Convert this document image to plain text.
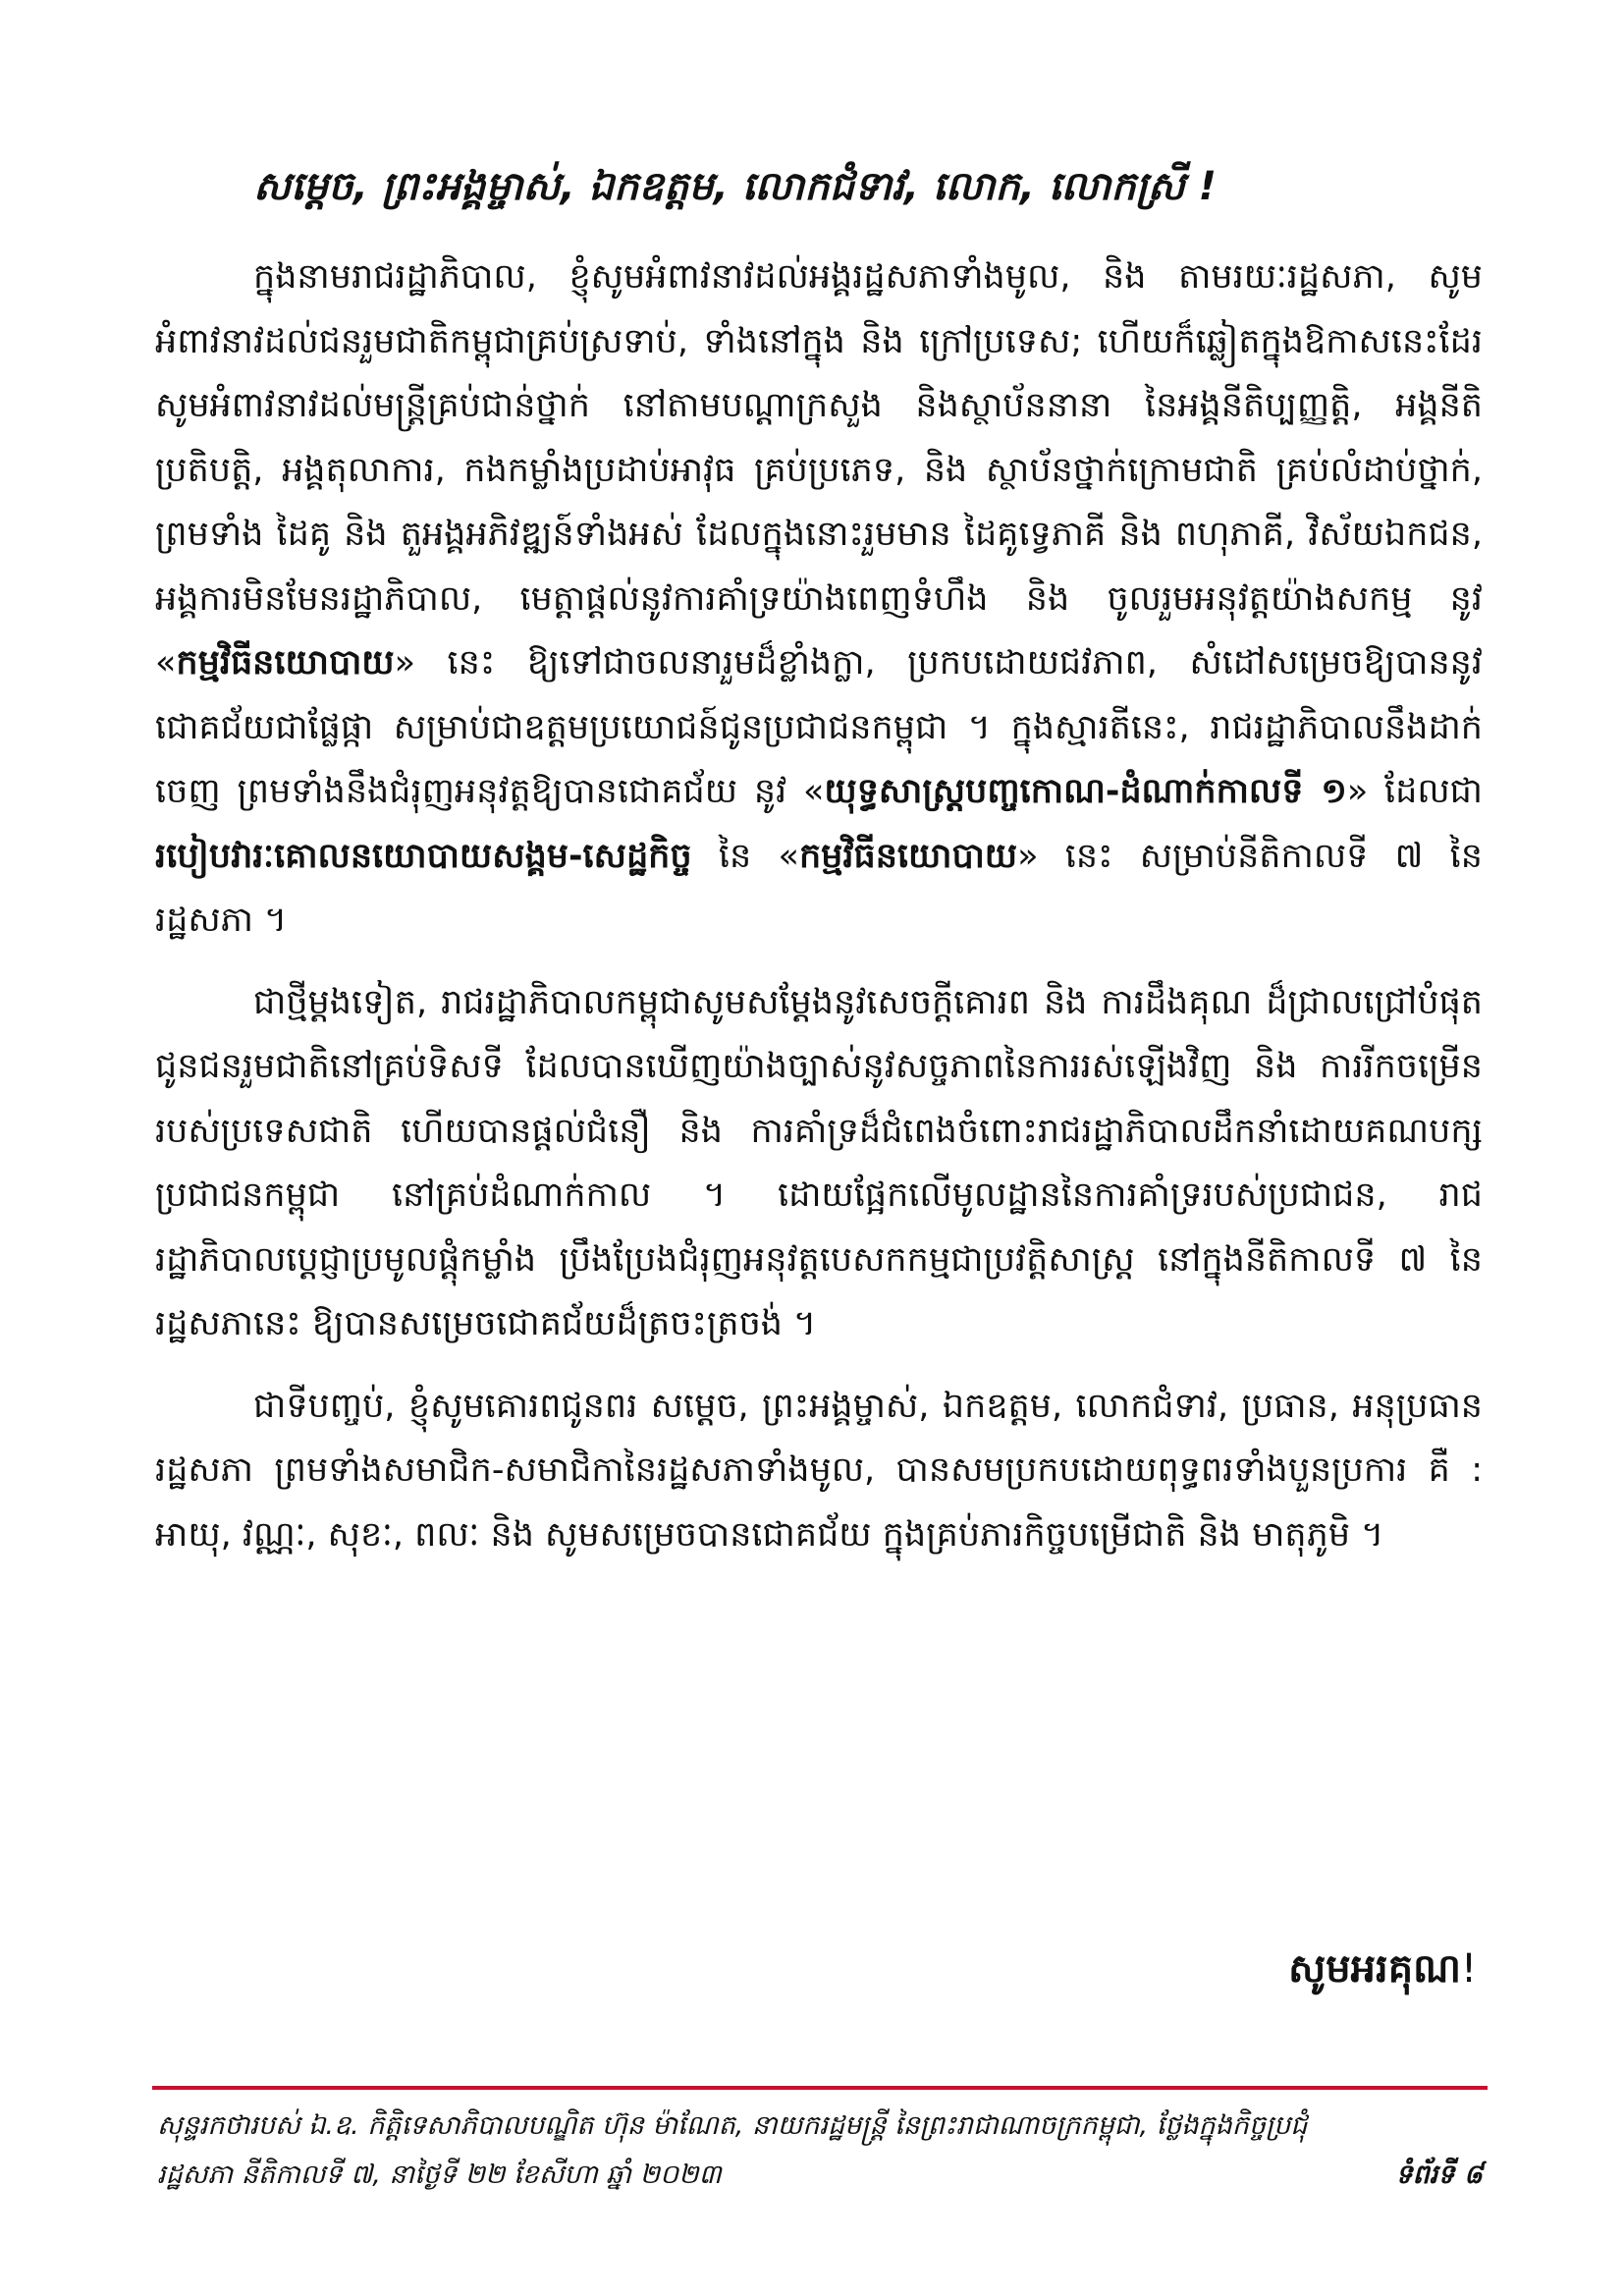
សម្តេច, ព្រះអង្គម្ចាស់, ឯកឧត្តម, លោកជំទាវ, លោក, លោកស្រី !

ក្នុងនាមរាជរដ្ឋាភិបាល, ខ្ញុំសូមអំពាវនាវដល់អង្គរដ្ឋសភាទាំងមូល, និង តាមរយៈរដ្ឋសភា, សូមអំពាវនាវដល់ជនរួមជាតិកម្ពុជាគ្រប់ស្រទាប់, ទាំងនៅក្នុង និង ក្រៅប្រទេស; ហើយក៏ឆ្លៀតក្នុងឱកាសនេះដែរ សូមអំពាវនាវដល់មន្ត្រីគ្រប់ជាន់ថ្នាក់ នៅតាមបណ្តាក្រសួង និងស្ថាប័ននានា នៃអង្គនីតិប្បញ្ញត្តិ, អង្គនីតិប្រតិបត្តិ, អង្គតុលាការ, កងកម្លាំងប្រដាប់អាវុធ គ្រប់ប្រភេទ, និង ស្ថាប័នថ្នាក់ក្រោមជាតិ គ្រប់លំដាប់ថ្នាក់, ព្រមទាំង ដៃគូ និង តួអង្គអភិវឌ្ឍន៍ទាំងអស់ ដែលក្នុងនោះរួមមាន ដៃគូទ្វេភាគី និង ពហុភាគី, វិស័យឯកជន, អង្គការមិនមែនរដ្ឋាភិបាល, មេត្តាផ្តល់នូវការគាំទ្រយ៉ាងពេញទំហឹង និង ចូលរួមអនុវត្តយ៉ាងសកម្ម នូវ «កម្មវិធីនយោបាយ» នេះ ឱ្យទៅជាចលនារួមដ៏ខ្លាំងក្លា, ប្រកបដោយជវភាព, សំដៅសម្រេចឱ្យបាននូវជោគជ័យជាផ្លែផ្កា សម្រាប់ជាឧត្តមប្រយោជន៍ជូនប្រជាជនកម្ពុជា ។ ក្នុងស្មារតីនេះ, រាជរដ្ឋាភិបាលនឹងដាក់ចេញ ព្រមទាំងនឹងជំរុញអនុវត្តឱ្យបានជោគជ័យ នូវ «យុទ្ធសាស្ត្របញ្ចកោណ-ដំណាក់កាលទី ១» ដែលជា របៀបវារៈគោលនយោបាយសង្គម-សេដ្ឋកិច្ច នៃ «កម្មវិធីនយោបាយ» នេះ សម្រាប់នីតិកាលទី ៧ នៃរដ្ឋសភា ។

ជាថ្មីម្តងទៀត, រាជរដ្ឋាភិបាលកម្ពុជាសូមសម្តែងនូវសេចក្តីគោរព និង ការដឹងគុណ ដ៏ជ្រាលជ្រៅបំផុត ជូនជនរួមជាតិនៅគ្រប់ទិសទី ដែលបានឃើញយ៉ាងច្បាស់នូវសច្ចភាពនៃការរស់ឡើងវិញ និង ការរីកចម្រើនរបស់ប្រទេសជាតិ ហើយបានផ្តល់ជំនឿ និង ការគាំទ្រដ៏ជំពេងចំពោះរាជរដ្ឋាភិបាលដឹកនាំដោយគណបក្សប្រជាជនកម្ពុជា នៅគ្រប់ដំណាក់កាល ។ ដោយផ្អែកលើមូលដ្ឋាននៃការគាំទ្ររបស់ប្រជាជន, រាជរដ្ឋាភិបាលប្តេជ្ញាប្រមូលផ្តុំកម្លាំង ប្រឹងប្រែងជំរុញអនុវត្តបេសកកម្មជាប្រវត្តិសាស្ត្រ នៅក្នុងនីតិកាលទី ៧ នៃរដ្ឋសភានេះ ឱ្យបានសម្រេចជោគជ័យដ៏ត្រចះត្រចង់ ។

ជាទីបញ្ចប់, ខ្ញុំសូមគោរពជូនពរ សម្តេច, ព្រះអង្គម្ចាស់, ឯកឧត្តម, លោកជំទាវ, ប្រធាន, អនុប្រធាន រដ្ឋសភា ព្រមទាំងសមាជិក-សមាជិកានៃរដ្ឋសភាទាំងមូល, បានសមប្រកបដោយពុទ្ធពរទាំងបួនប្រការ គឺ : អាយុ, វណ្ណៈ, សុខៈ, ពលៈ និង សូមសម្រេចបានជោគជ័យ ក្នុងគ្រប់ភារកិច្ចបម្រើជាតិ និង មាតុភូមិ ។

សូមអរគុណ!
សុន្ទរកថារបស់ ឯ.ឧ. កិត្តិទេសាភិបាលបណ្ឌិត ហ៊ុន ម៉ាណែត, នាយករដ្ឋមន្ត្រី នៃព្រះរាជាណាចក្រកម្ពុជា, ថ្លែងក្នុងកិច្ចប្រជុំ
រដ្ឋសភា នីតិកាលទី ៧, នាថ្ងៃទី ២២ ខែសីហា ឆ្នាំ ២០២៣	ទំព័រទី ៨
